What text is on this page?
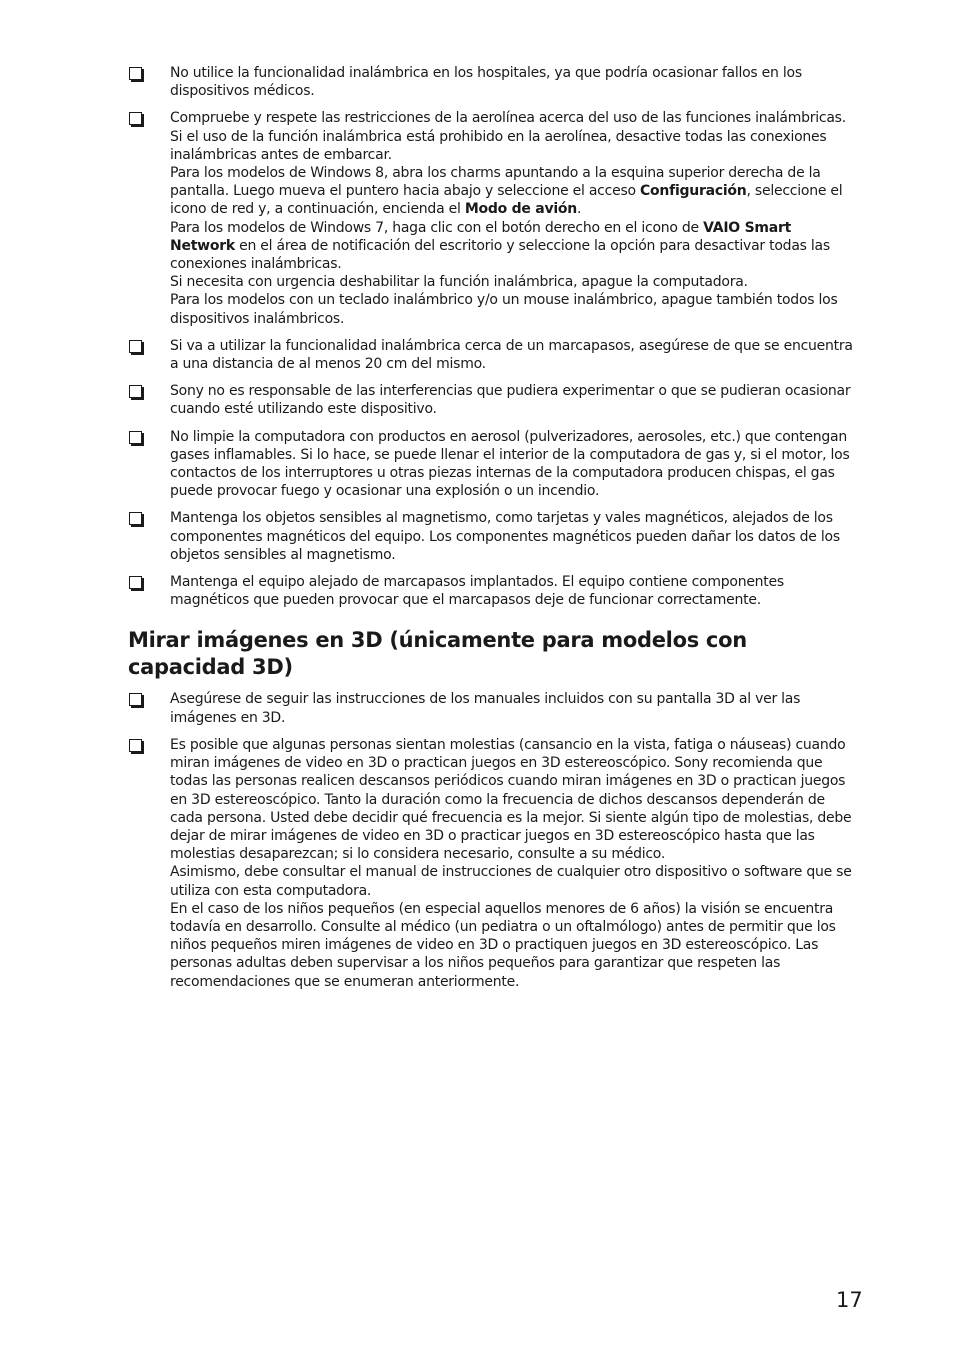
No utilice la funcionalidad inalámbrica en los hospitales, ya que podría ocasionar fallos en los dispositivos médicos.

Compruebe y respete las restricciones de la aerolínea acerca del uso de las funciones inalámbricas. Si el uso de la función inalámbrica está prohibido en la aerolínea, desactive todas las conexiones inalámbricas antes de embarcar.

Para los modelos de Windows 8, abra los charms apuntando a la esquina superior derecha de la pantalla. Luego mueva el puntero hacia abajo y seleccione el acceso Configuración, seleccione el icono de red y, a continuación, encienda el Modo de avión.

Para los modelos de Windows 7, haga clic con el botón derecho en el icono de VAIO Smart Network en el área de notificación del escritorio y seleccione la opción para desactivar todas las conexiones inalámbricas.

Si necesita con urgencia deshabilitar la función inalámbrica, apague la computadora.

Para los modelos con un teclado inalámbrico y/o un mouse inalámbrico, apague también todos los dispositivos inalámbricos.

Si va a utilizar la funcionalidad inalámbrica cerca de un marcapasos, asegúrese de que se encuentra a una distancia de al menos 20 cm del mismo.

Sony no es responsable de las interferencias que pudiera experimentar o que se pudieran ocasionar cuando esté utilizando este dispositivo.

No limpie la computadora con productos en aerosol (pulverizadores, aerosoles, etc.) que contengan gases inflamables. Si lo hace, se puede llenar el interior de la computadora de gas y, si el motor, los contactos de los interruptores u otras piezas internas de la computadora producen chispas, el gas puede provocar fuego y ocasionar una explosión o un incendio.

Mantenga los objetos sensibles al magnetismo, como tarjetas y vales magnéticos, alejados de los componentes magnéticos del equipo. Los componentes magnéticos pueden dañar los datos de los objetos sensibles al magnetismo.

Mantenga el equipo alejado de marcapasos implantados. El equipo contiene componentes magnéticos que pueden provocar que el marcapasos deje de funcionar correctamente.

Mirar imágenes en 3D (únicamente para modelos con capacidad 3D)

Asegúrese de seguir las instrucciones de los manuales incluidos con su pantalla 3D al ver las imágenes en 3D.

Es posible que algunas personas sientan molestias (cansancio en la vista, fatiga o náuseas) cuando miran imágenes de video en 3D o practican juegos en 3D estereoscópico. Sony recomienda que todas las personas realicen descansos periódicos cuando miran imágenes en 3D o practican juegos en 3D estereoscópico. Tanto la duración como la frecuencia de dichos descansos dependerán de cada persona. Usted debe decidir qué frecuencia es la mejor. Si siente algún tipo de molestias, debe dejar de mirar imágenes de video en 3D o practicar juegos en 3D estereoscópico hasta que las molestias desaparezcan; si lo considera necesario, consulte a su médico.

Asimismo, debe consultar el manual de instrucciones de cualquier otro dispositivo o software que se utiliza con esta computadora.

En el caso de los niños pequeños (en especial aquellos menores de 6 años) la visión se encuentra todavía en desarrollo. Consulte al médico (un pediatra o un oftalmólogo) antes de permitir que los niños pequeños miren imágenes de video en 3D o practiquen juegos en 3D estereoscópico. Las personas adultas deben supervisar a los niños pequeños para garantizar que respeten las recomendaciones que se enumeran anteriormente.

17
